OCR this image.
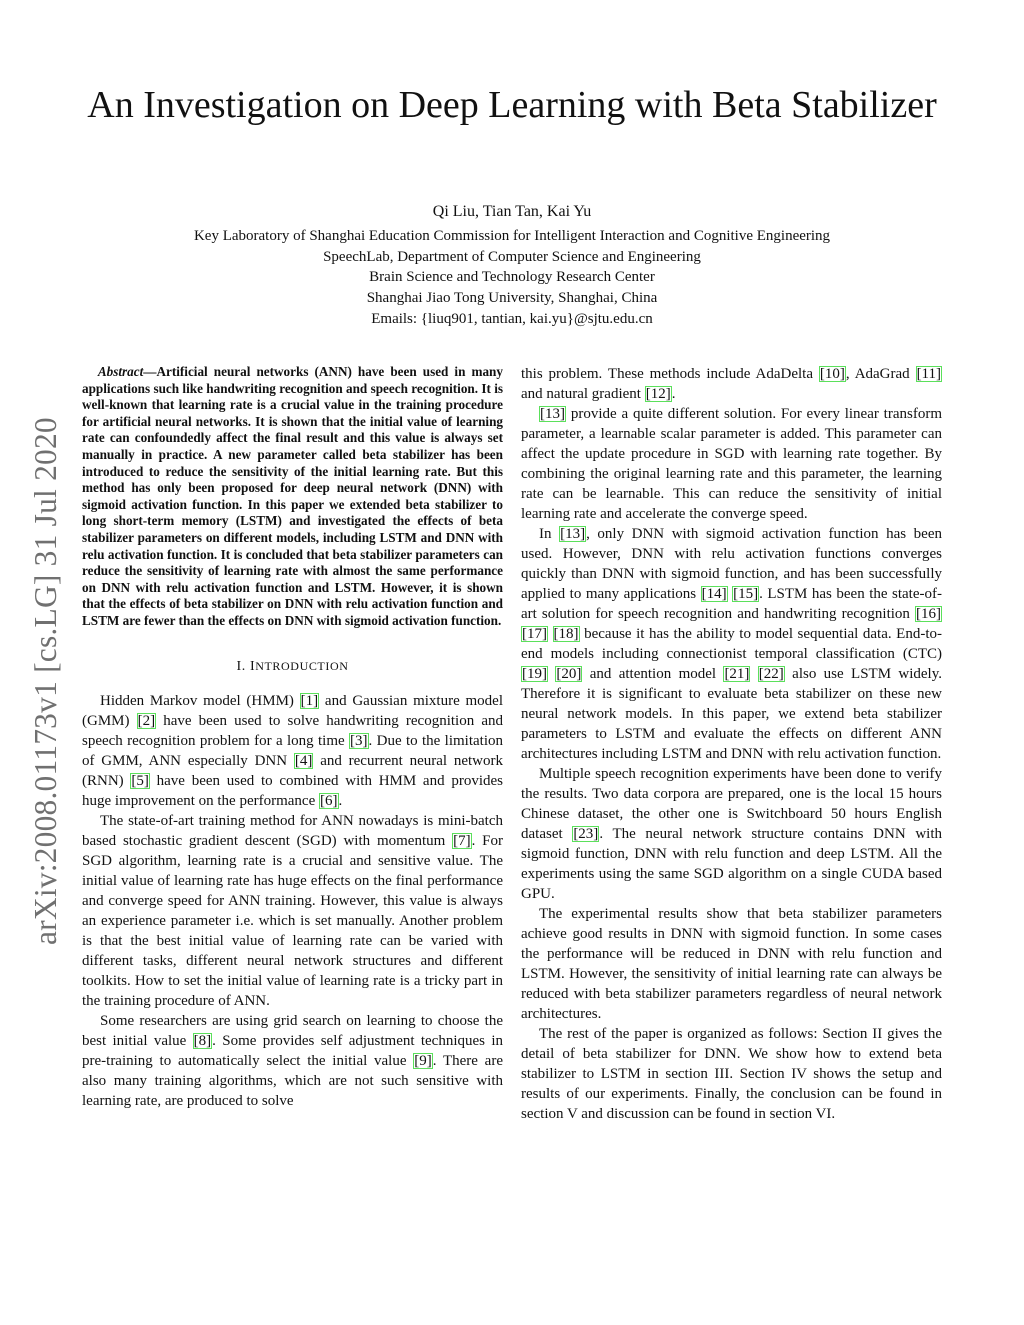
arXiv:2008.01173v1 [cs.LG] 31 Jul 2020
An Investigation on Deep Learning with Beta Stabilizer
Qi Liu, Tian Tan, Kai Yu
Key Laboratory of Shanghai Education Commission for Intelligent Interaction and Cognitive Engineering
SpeechLab, Department of Computer Science and Engineering
Brain Science and Technology Research Center
Shanghai Jiao Tong University, Shanghai, China
Emails: {liuq901, tantian, kai.yu}@sjtu.edu.cn

Abstract—Artificial neural networks (ANN) have been used in many applications such like handwriting recognition and speech recognition. It is well-known that learning rate is a crucial value in the training procedure for artificial neural networks. It is shown that the initial value of learning rate can confoundedly affect the final result and this value is always set manually in practice. A new parameter called beta stabilizer has been introduced to reduce the sensitivity of the initial learning rate. But this method has only been proposed for deep neural network (DNN) with sigmoid activation function. In this paper we extended beta stabilizer to long short-term memory (LSTM) and investigated the effects of beta stabilizer parameters on different models, including LSTM and DNN with relu activation function. It is concluded that beta stabilizer parameters can reduce the sensitivity of learning rate with almost the same performance on DNN with relu activation function and LSTM. However, it is shown that the effects of beta stabilizer on DNN with relu activation function and LSTM are fewer than the effects on DNN with sigmoid activation function.

I. INTRODUCTION

Hidden Markov model (HMM) [1] and Gaussian mixture model (GMM) [2] have been used to solve handwriting recognition and speech recognition problem for a long time [3]. Due to the limitation of GMM, ANN especially DNN [4] and recurrent neural network (RNN) [5] have been used to combined with HMM and provides huge improvement on the performance [6].

The state-of-art training method for ANN nowadays is mini-batch based stochastic gradient descent (SGD) with momentum [7]. For SGD algorithm, learning rate is a crucial and sensitive value. The initial value of learning rate has huge effects on the final performance and converge speed for ANN training. However, this value is always an experience parameter i.e. which is set manually. Another problem is that the best initial value of learning rate can be varied with different tasks, different neural network structures and different toolkits. How to set the initial value of learning rate is a tricky part in the training procedure of ANN.

Some researchers are using grid search on learning to choose the best initial value [8]. Some provides self adjustment techniques in pre-training to automatically select the initial value [9]. There are also many training algorithms, which are not such sensitive with learning rate, are produced to solve

this problem. These methods include AdaDelta [10], AdaGrad [11] and natural gradient [12].

[13] provide a quite different solution. For every linear transform parameter, a learnable scalar parameter is added. This parameter can affect the update procedure in SGD with learning rate together. By combining the original learning rate and this parameter, the learning rate can be learnable. This can reduce the sensitivity of initial learning rate and accelerate the converge speed.

In [13], only DNN with sigmoid activation function has been used. However, DNN with relu activation functions converges quickly than DNN with sigmoid function, and has been successfully applied to many applications [14] [15]. LSTM has been the state-of-art solution for speech recognition and handwriting recognition [16] [17] [18] because it has the ability to model sequential data. End-to-end models including connectionist temporal classification (CTC) [19] [20] and attention model [21] [22] also use LSTM widely. Therefore it is significant to evaluate beta stabilizer on these new neural network models. In this paper, we extend beta stabilizer parameters to LSTM and evaluate the effects on different ANN architectures including LSTM and DNN with relu activation function.

Multiple speech recognition experiments have been done to verify the results. Two data corpora are prepared, one is the local 15 hours Chinese dataset, the other one is Switchboard 50 hours English dataset [23]. The neural network structure contains DNN with sigmoid function, DNN with relu function and deep LSTM. All the experiments using the same SGD algorithm on a single CUDA based GPU.

The experimental results show that beta stabilizer parameters achieve good results in DNN with sigmoid function. In some cases the performance will be reduced in DNN with relu function and LSTM. However, the sensitivity of initial learning rate can always be reduced with beta stabilizer parameters regardless of neural network architectures.

The rest of the paper is organized as follows: Section II gives the detail of beta stabilizer for DNN. We show how to extend beta stabilizer to LSTM in section III. Section IV shows the setup and results of our experiments. Finally, the conclusion can be found in section V and discussion can be found in section VI.
